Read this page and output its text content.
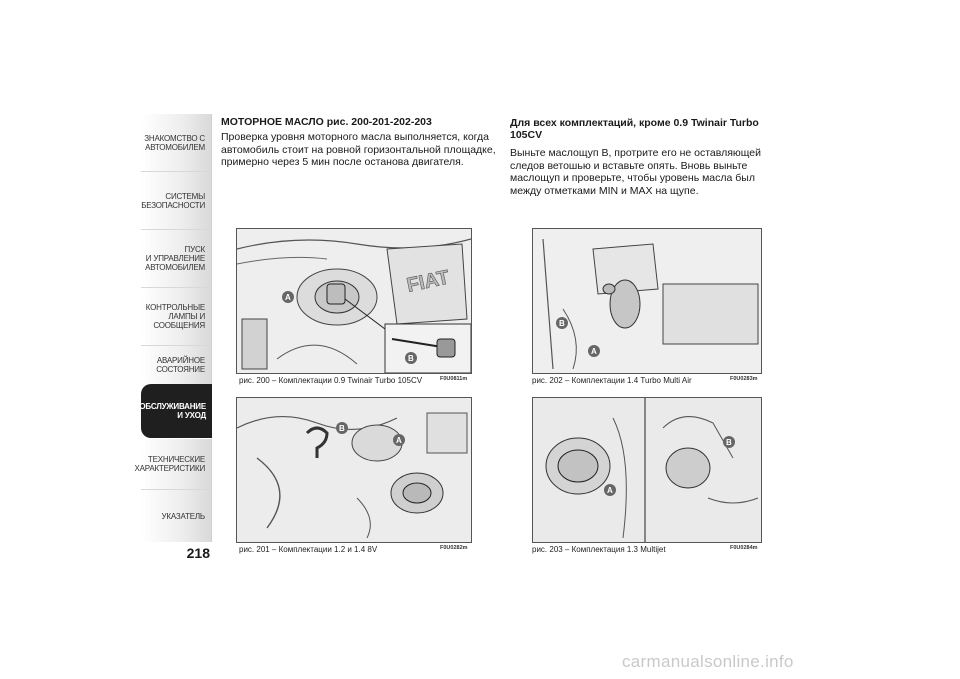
ЗНАКОМСТВО С
АВТОМОБИЛЕМ
СИСТЕМЫ
БЕЗОПАСНОСТИ
ПУСК
И УПРАВЛЕНИЕ
АВТОМОБИЛЕМ
КОНТРОЛЬНЫЕ
ЛАМПЫ И
СООБЩЕНИЯ
АВАРИЙНОЕ
СОСТОЯНИЕ
ТЕХОБСЛУЖИВАНИЕ
И УХОД
ТЕХНИЧЕСКИЕ
ХАРАКТЕРИСТИКИ
УКАЗАТЕЛЬ
218
МОТОРНОЕ МАСЛО рис. 200-201-202-203
Проверка уровня моторного масла выполняется, когда автомобиль стоит на ровной горизонтальной площадке, примерно через 5 мин после останова двигателя.
Для всех комплектаций, кроме 0.9 Twinair Turbo 105CV
Выньте маслощуп B, протрите его не оставляющей следов ветошью и вставьте опять. Вновь выньте маслощуп и проверьте, чтобы уровень масла был между отметками MIN и MAX на щупе.
FIAT
A
B
рис. 200 – Комплектации 0.9 Twinair Turbo 105CV	F0U0811m
B
A
рис. 201 – Комплектации 1.2 и 1.4 8V	F0U0282m
B
A
рис. 202 – Комплектации 1.4 Turbo Multi Air	F0U0283m
A
B
рис. 203 – Комплектация 1.3 Multijet	F0U0284m
carmanualsonline.info
